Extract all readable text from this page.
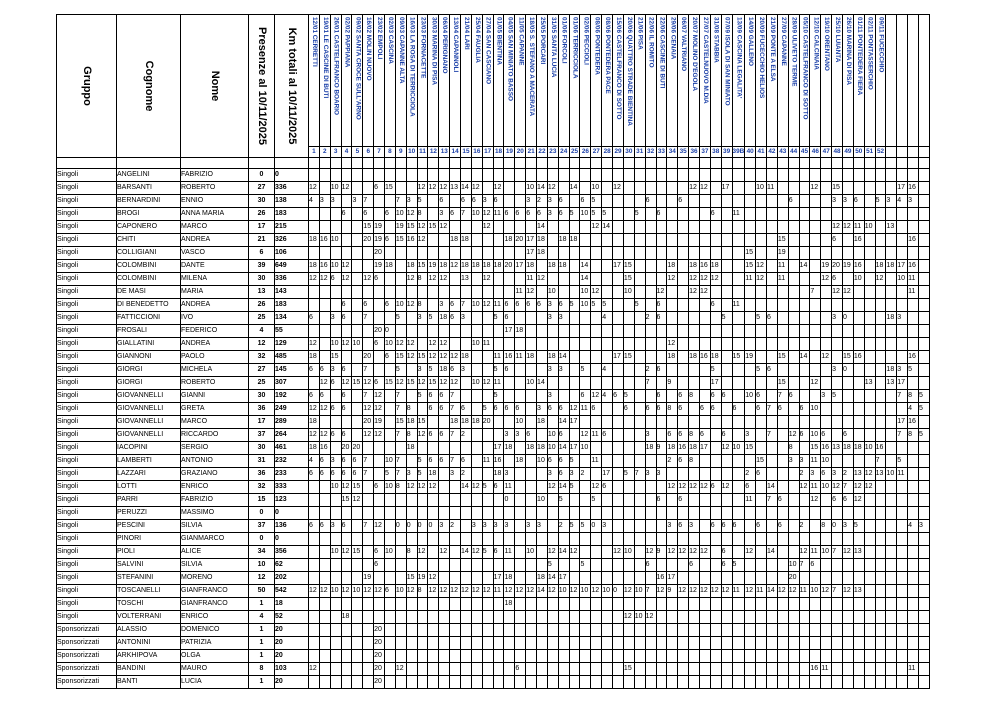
Gruppo	Cognome	Nome	Presenze al 10/11/2025	Km totali al 10/11/2025	12/01 CERRETTI	19/01 LE CASCINE DI BUTI	26/01 CASTELFRANCO BOARIO	02/02 PAPPIANA	09/02 SANTA CROCE SULL'ARNO	16/02 MOLIN NUOVO	23/02 EMPOLI	02/03 CASCINA	09/03 CAPANNE ALTA	16/03 LA ROSA DI TERRICCIOLA	23/03 FORNACETTE	30/03 MARINA DI PISA	06/04 PERIGNANO	13/04 CAPANNOLI	21/04 LARI	25/04 FAUGLIA	27/04 SAN CASCIANO	01/05 BIENTINA	04/05 SAN MINIATO BASSO	11/05 CAPANNE	18/05 S. STEFANO A MACERATA	25/05 PORCARI	31/05 SANTA LUCIA	01/06 FORCOLI	01/06 TERRICCIOLA	02/06 PECCIOLI	08/06 PONTEDERA	08/06 PONTEDERA PACE	15/06 CASTELFRANCO DI SOTTO	20/06 QUATTRO STRADE BIENTINA	21/06 PISA	22/06 IL ROMITO	22/06 CASCINE DI BUTI	29/06 CENAIA	06/07 VALTRIANO	20/07 MOLINO D'EGOLA	27/07 CASTELNUOVO M.DIA	31/08 STABBIA	07/09 ISOLA DI SAN MINIATO	13/09 CASCINA LEGALITA'	14/09 GALLENO	20/09 FUCECCHIO HELIOS	21/09 PONTE A ELSA	27/09 CAPANNE	28/09 ULIVETO TERME	05/10 CASTELFRANCO DI SOTTO	12/10 CALCINAIA	19/10 ORENTANO	25/10 LUIANTA	26/10 MARINA DI PISA	01/11 PONTEDERA FIERA	02/11 PONTASSERCHIO	09/11 FUCECCHIO				

					1	2	3	4	5	6	7	8	9	10	11	12	13	14	15	16	17	18	19	20	21	22	23	24	25	26	27	28	29	30	31	32	33	34	35	36	37	38	39	39B	40	41	42	43	44	45	46	47	48	49	50	51	52				

Singoli	ANGELINI	FABRIZIO	0	0																																																									
Singoli	BARSANTI	ROBERTO	27	336	12		10	12			6	15			12	12	12	13	14	12		12			10	14	12		14		10		12							12	12		17			10	11				12		15						17	16	
Singoli	BERNARDINI	ENNIO	30	138	4	3	3		3	7			7	3	5		6		6	6	3	6			3	2	3	6		6	5					6			6										6				3	3	6		5	3	4	3	
Singoli	BROGI	ANNA MARIA	26	183				6		6		6	10	12	8		3	6	7	10	12	11	6	6	6	6	3	6	5	10	5	5			5		6					6		11																	
Singoli	CAPONERO	MARCO	17	215						15	19		19	15	12	15	12				12					14					12	14																					12	12	11	10		13			
Singoli	CHITI	ANDREA	21	326	18	16	10			20	19	6	15	16	12			18	18				18	20	17	18		18	18																			15					6		16					16	
Singoli	COLLIGIANI	VASCO	6	106							20														17	18																			15			19													
Singoli	COLOMBINI	DANTE	39	649	18	16	10	12			19	18		18	15	19	18	12	18	18	18	18	20	17	18		18	18		14			17	15				18		18	16	18			15	12		11		14		19	20	19	16		18	18	17	16	
Singoli	COLOMBINI	MILENA	30	336	12	12	6	12		12	6			12	8	12	12		13		12				11	12				14				15				12		12	12	12			11	12		11				12	6		10		12		10	11	
Singoli	DE MASI	MARIA	13	143																				11	12		10			10	12			10			12			12	12										7		12	12						11	
Singoli	DI BENEDETTO	ANDREA	26	183				6		6		6	10	12	8		3	6	7	10	12	11	6	6	6	6	3	6	5	10	5	5			5		6					6		11																	
Singoli	FATTICCIONI	IVO	25	134	6		3	6		7			5		3	5	18	6	3			5	6				3	3				4				2	6						5			5	6						3	0				18	3		
Singoli	FROSALI	FEDERICO	4	55							20	0											17	18																																					
Singoli	GIALLATINI	ANDREA	12	129	12		10	12	10		6	10	12	12		12	12			10	11																	12																							
Singoli	GIANNONI	PAOLO	32	485	18		15			20		6	15	12	15	12	12	12	18			11	16	11	18		18	14					17	15				18		18	16	18		15	19			15		14		12		15	16					16	
Singoli	GIORGI	MICHELA	27	145	6	6	3	6		7			5		3	5	18	6	3			5	6				3	3		5		4				2	6					5				5	6						3	0				18	3	5	
Singoli	GIORGI	ROBERTO	25	307		12	6	12	15	12	6	15	12	15	12	15	12	12		10	12	11			10	14										7		9				17						15			12					13		13	17		
Singoli	GIOVANNELLI	GIANNI	30	192	6	6		6		7	12		7		5	6	6	7				5					3			6	12	4	6	5			6		6	8		6	6		10	6		7	6			3	5						7	8	5
Singoli	GIOVANNELLI	GRETA	36	249	12	12	6	6		12	12		7	8		6	6	7	6		5	6	6	6		3	6	6	12	11	6			6		6	6	8	6		6	6		6		6	7	6		6	10									4	5
Singoli	GIOVANNELLI	MARCO	17	289	18					20	19		15	18	15			18	18	18	20			10		18		14	17																														17	16	
Singoli	GIOVANNELLI	RICCARDO	37	264	12	12	6	6		12	12		7	8	12	6	6	7	2				3	3	6		10	6		12	11	6				3		6	6	8	6		6		3		7		12	6	10	6		6					7	8	5
Singoli	IACOPINI	SERGIO	30	461	18	16		20	20					18								17	18		18	18	10	14	17	10						18	9	18	16	18	17		12	10	15				8		15	16	13	18	18	10	16				
Singoli	LAMBERTI	ANTONIO	31	232	4	6	3	6	6	7		10	7		5	6	6	7	6		11	16		18		10	6	6	5		11							2	6	8						15			3	3	11	10					7		5		
Singoli	LAZZARI	GRAZIANO	36	233	6	6	6	6	6	7		5	7	3	5	18		3	2			18	3				3	6	3	2		17		5	7	3	3								2	6				2	3	6	3	2	13	12	13	10	11		
Singoli	LOTTI	ENRICO	32	333			10	12	15		6	10	8	12	12	12			14	12	5	6	11				12	14	5		12	6						12	12	12	12	6	12		6		14			12	11	10	12	7	12	12					
Singoli	PARRI	FABRIZIO	15	123				15	12														0			10		5			5						6		6						11		7	6			12		6	6	12						
Singoli	PERUZZI	MASSIMO	0	0																																																									
Singoli	PESCINI	SILVIA	37	136	6	6	3	6		7	12		0	0	0	0	3	2		3	3	3	3		3	3		2	5	5	0	3						3	6	3		6	6	6		6		6		2		8	0	3	5					4	3
Singoli	PINORI	GIANMARCO	0	0																																																									
Singoli	PIOLI	ALICE	34	356			10	12	15		6	10		8	12		12		14	12	5	6	11		10		12	14	12				12	10		12	9	12	12	12	12		6		12		14			12	11	10	7	12	13						
Singoli	SALVINI	SILVIA	10	62							6																5			5						6				6			6	5					10	7	6										
Singoli	STEFANINI	MORENO	12	202						19				15	19	12						17	18			18	14	17									16	17											20												
Singoli	TOSCANELLI	GIANFRANCO	50	542	12	12	10	12	10	12	12	6	10	12	8	12	12	12	12	12	12	11	12	12	12	14	12	10	12	10	12	10	0	12	10	7	12	9	12	12	12	12	12	11	12	11	14	12	12	11	10	12	7	12	13						
Singoli	TOSCHI	GIANFRANCO	1	18																			18																																						
Singoli	VOLTERRANI	ENRICO	4	52				18																										12	10	12																									
Sponsorizzati	ALASSIO	DOMENICO	1	20							20																																																		
Sponsorizzati	ANTONINI	PATRIZIA	1	20							20																																																		
Sponsorizzati	ARKHIPOVA	OLGA	1	20							20																																																		
Sponsorizzati	BANDINI	MAURO	8	103	12						20		12											6										15																	16	11								11	
Sponsorizzati	BANTI	LUCIA	1	20							20																																																		
